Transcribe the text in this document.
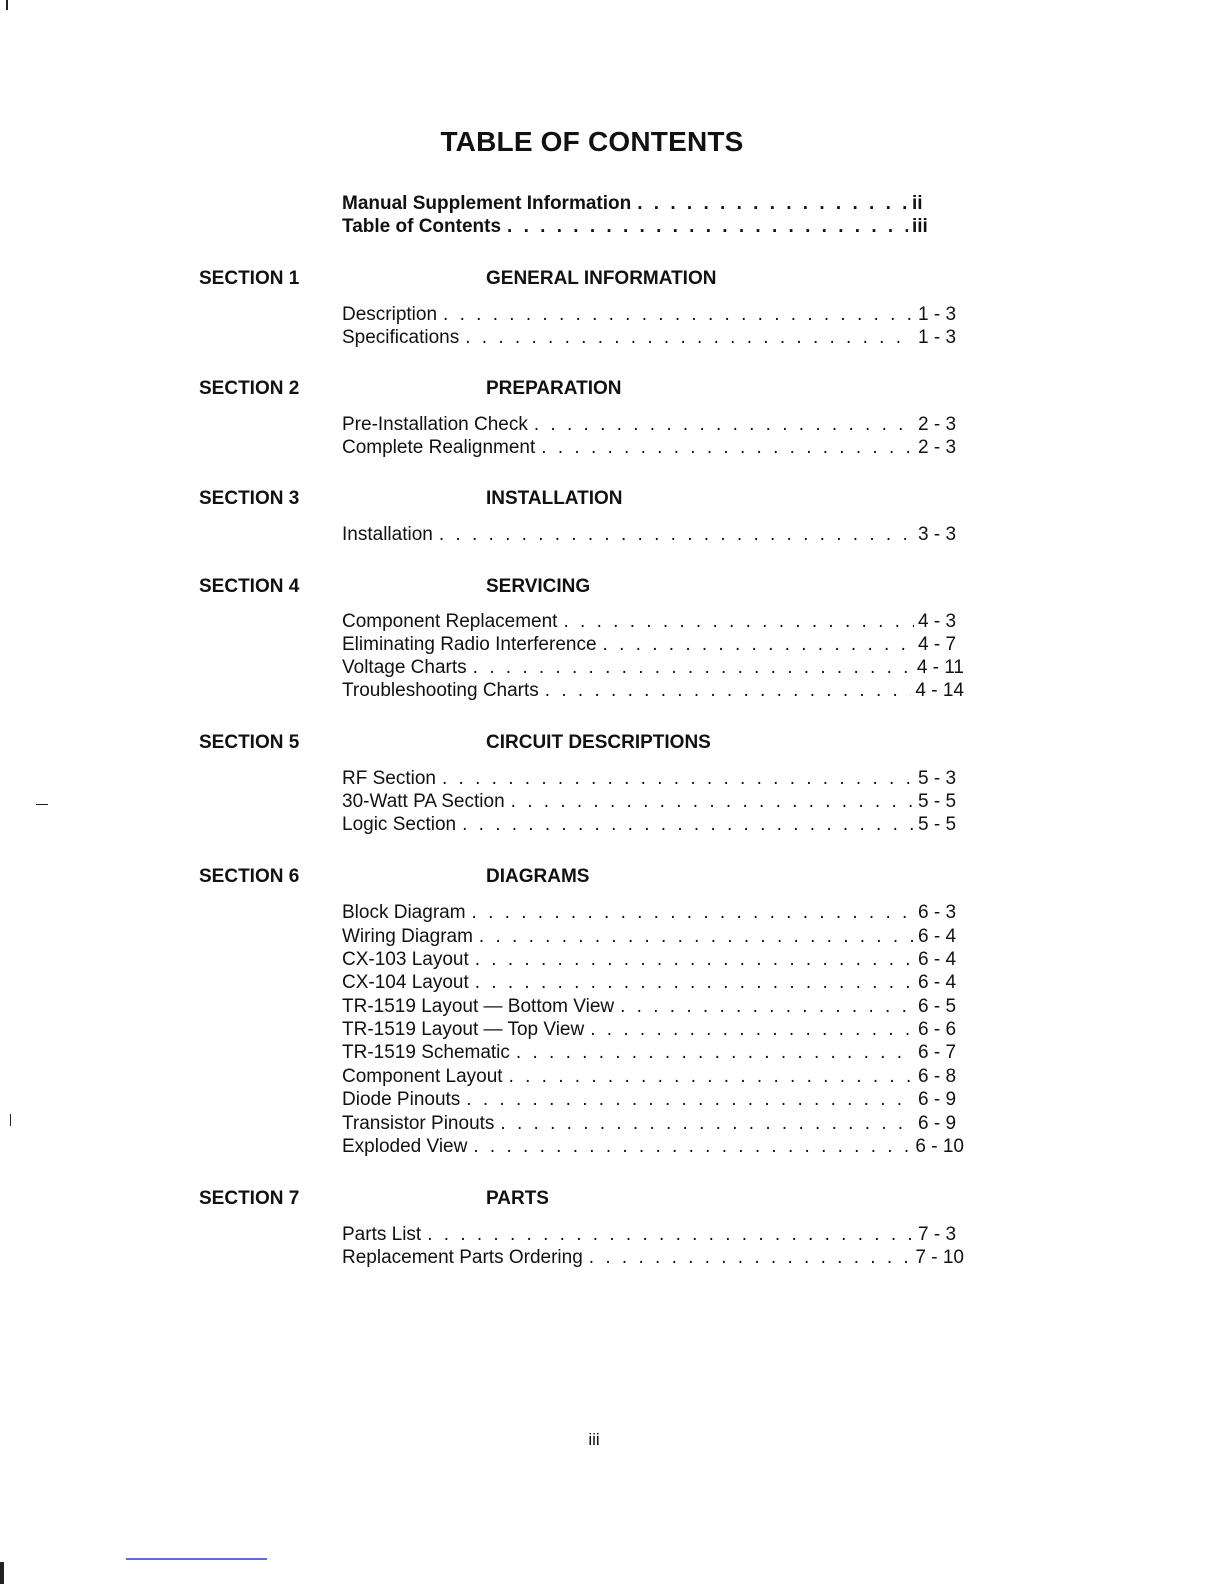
TABLE OF CONTENTS
Manual Supplement Information . . .	ii
Table of Contents . . .	iii
SECTION 1	GENERAL INFORMATION
Description . . .	1 - 3
Specifications . . .	1 - 3
SECTION 2	PREPARATION
Pre-Installation Check . . .	2 - 3
Complete Realignment . . .	2 - 3
SECTION 3	INSTALLATION
Installation . . .	3 - 3
SECTION 4	SERVICING
Component Replacement . . .	4 - 3
Eliminating Radio Interference . . .	4 - 7
Voltage Charts . . .	4 - 11
Troubleshooting Charts . . .	4 - 14
SECTION 5	CIRCUIT DESCRIPTIONS
RF Section . . .	5 - 3
30-Watt PA Section . . .	5 - 5
Logic Section . . .	5 - 5
SECTION 6	DIAGRAMS
Block Diagram . . .	6 - 3
Wiring Diagram . . .	6 - 4
CX-103 Layout . . .	6 - 4
CX-104 Layout . . .	6 - 4
TR-1519 Layout — Bottom View . . .	6 - 5
TR-1519 Layout — Top View . . .	6 - 6
TR-1519 Schematic . . .	6 - 7
Component Layout . . .	6 - 8
Diode Pinouts . . .	6 - 9
Transistor Pinouts . . .	6 - 9
Exploded View . . .	6 - 10
SECTION 7	PARTS
Parts List . . .	7 - 3
Replacement Parts Ordering . . .	7 - 10
iii
